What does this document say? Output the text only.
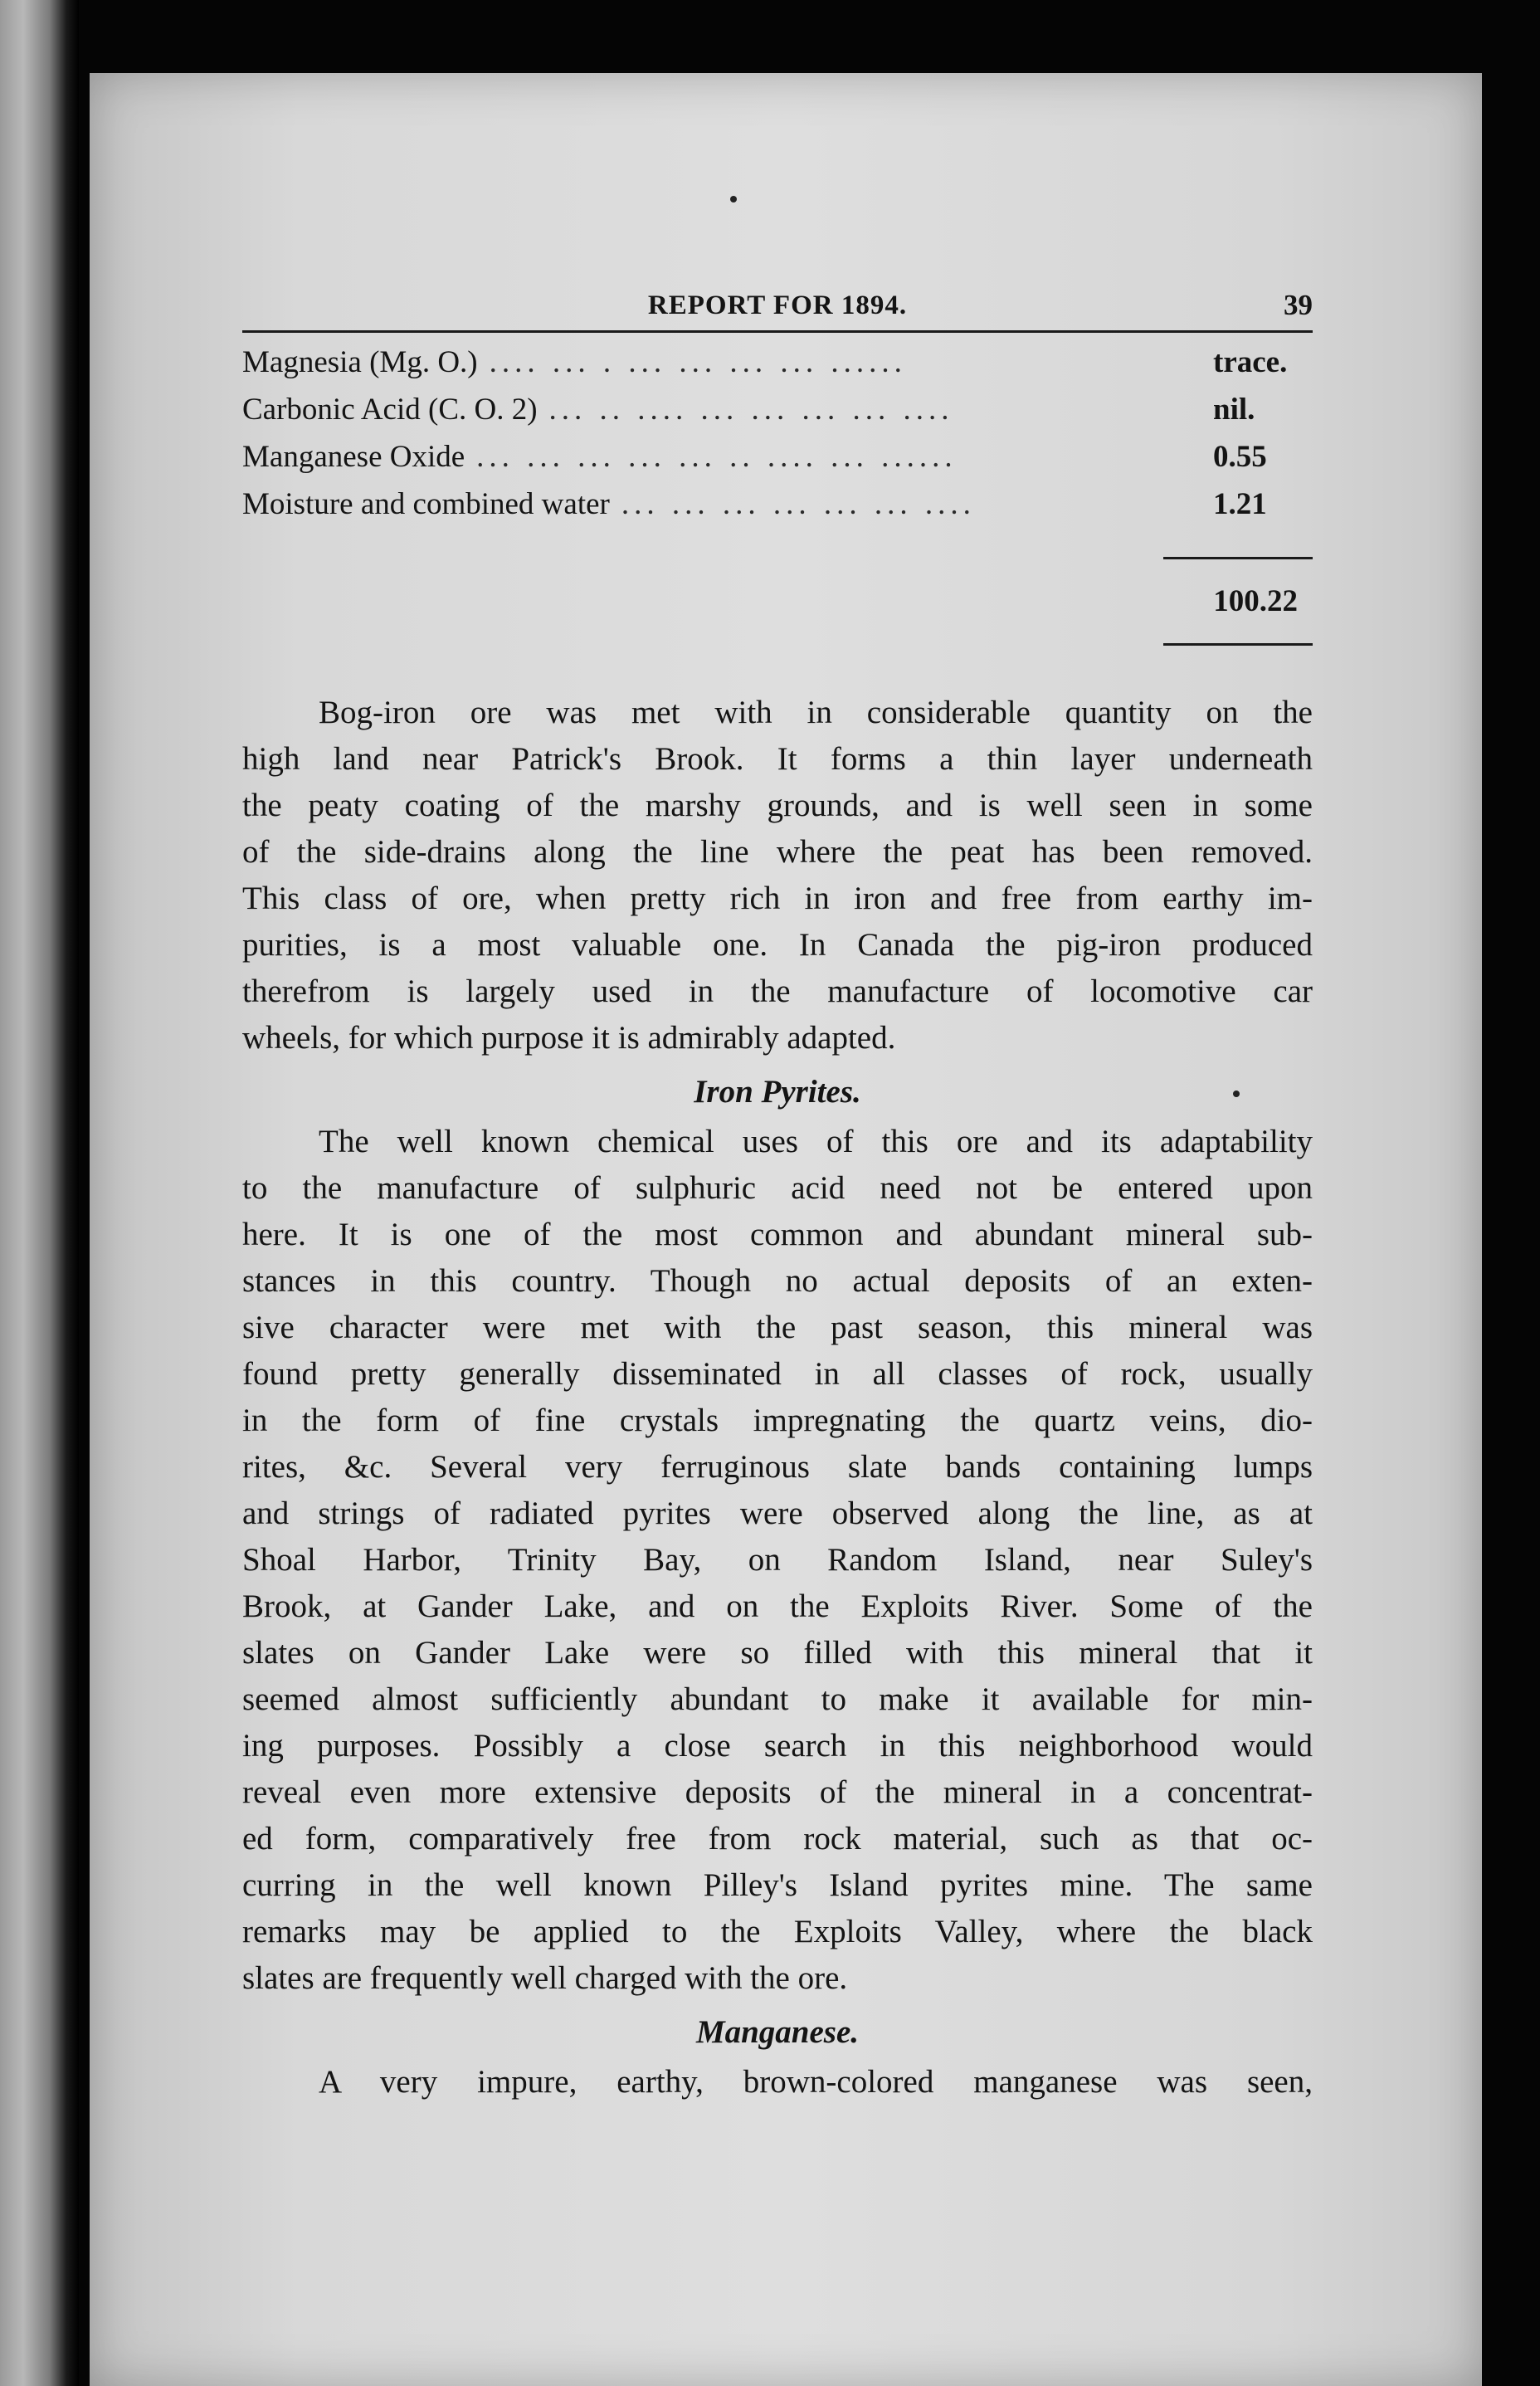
REPORT FOR 1894.	39
Magnesia (Mg. O.) .... ... . ... ... ... ... ......	trace.
Carbonic Acid (C. O. 2) ... .. .... ... ... ... ... ....	nil.
Manganese Oxide ... ... ... ... ... .. .... ... ......	0.55
Moisture and combined water ... ... ... ... ... ... ....	1.21
100.22

Bog-iron ore was met with in considerable quantity on the
high land near Patrick's Brook. It forms a thin layer underneath
the peaty coating of the marshy grounds, and is well seen in some
of the side-drains along the line where the peat has been removed.
This class of ore, when pretty rich in iron and free from earthy im-
purities, is a most valuable one. In Canada the pig-iron produced
therefrom is largely used in the manufacture of locomotive car
wheels, for which purpose it is admirably adapted.

Iron Pyrites.

The well known chemical uses of this ore and its adaptability
to the manufacture of sulphuric acid need not be entered upon
here. It is one of the most common and abundant mineral sub-
stances in this country. Though no actual deposits of an exten-
sive character were met with the past season, this mineral was
found pretty generally disseminated in all classes of rock, usually
in the form of fine crystals impregnating the quartz veins, dio-
rites, &c. Several very ferruginous slate bands containing lumps
and strings of radiated pyrites were observed along the line, as at
Shoal Harbor, Trinity Bay, on Random Island, near Suley's
Brook, at Gander Lake, and on the Exploits River. Some of the
slates on Gander Lake were so filled with this mineral that it
seemed almost sufficiently abundant to make it available for min-
ing purposes. Possibly a close search in this neighborhood would
reveal even more extensive deposits of the mineral in a concentrat-
ed form, comparatively free from rock material, such as that oc-
curring in the well known Pilley's Island pyrites mine. The same
remarks may be applied to the Exploits Valley, where the black
slates are frequently well charged with the ore.

Manganese.

A very impure, earthy, brown-colored manganese was seen,
